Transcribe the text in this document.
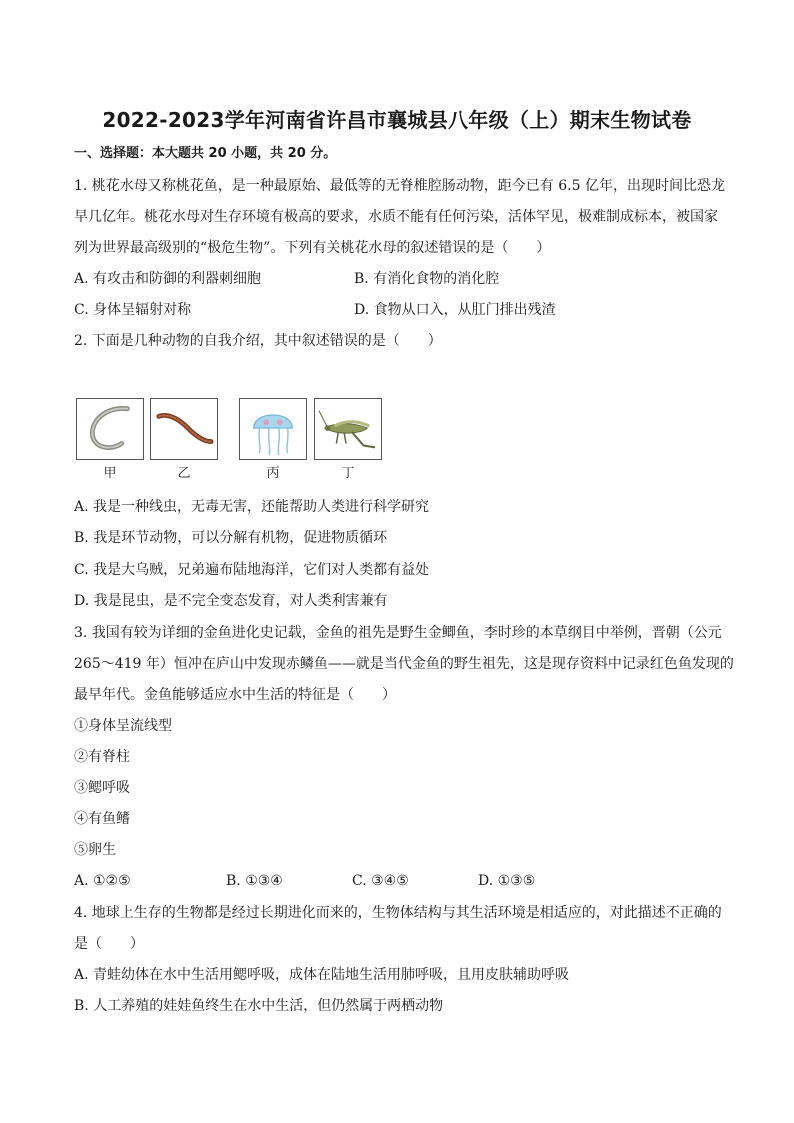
2022-2023学年河南省许昌市襄城县八年级（上）期末生物试卷
一、选择题：本大题共 20 小题，共 20 分。
1. 桃花水母又称桃花鱼，是一种最原始、最低等的无脊椎腔肠动物，距今已有 6.5 亿年，出现时间比恐龙
早几亿年。桃花水母对生存环境有极高的要求，水质不能有任何污染，活体罕见，极难制成标本，被国家
列为世界最高级别的“极危生物”。下列有关桃花水母的叙述错误的是（　　）
A. 有攻击和防御的利器刺细胞	B. 有消化食物的消化腔
C. 身体呈辐射对称	D. 食物从口入，从肛门排出残渣
2. 下面是几种动物的自我介绍，其中叙述错误的是（　　）
甲	乙	丙	丁
A. 我是一种线虫，无毒无害，还能帮助人类进行科学研究
B. 我是环节动物，可以分解有机物，促进物质循环
C. 我是大乌贼，兄弟遍布陆地海洋，它们对人类都有益处
D. 我是昆虫，是不完全变态发育，对人类利害兼有
3. 我国有较为详细的金鱼进化史记载，金鱼的祖先是野生金鲫鱼，李时珍的本草纲目中举例，晋朝（公元
265～419 年）恒冲在庐山中发现赤鳞鱼——就是当代金鱼的野生祖先，这是现存资料中记录红色鱼发现的
最早年代。金鱼能够适应水中生活的特征是（　　）
①身体呈流线型
②有脊柱
③鳃呼吸
④有鱼鳍
⑤卵生
A. ①②⑤	B. ①③④	C. ③④⑤	D. ①③⑤
4. 地球上生存的生物都是经过长期进化而来的，生物体结构与其生活环境是相适应的，对此描述不正确的
是（　　）
A. 青蛙幼体在水中生活用鳃呼吸，成体在陆地生活用肺呼吸，且用皮肤辅助呼吸
B. 人工养殖的娃娃鱼终生在水中生活，但仍然属于两栖动物
